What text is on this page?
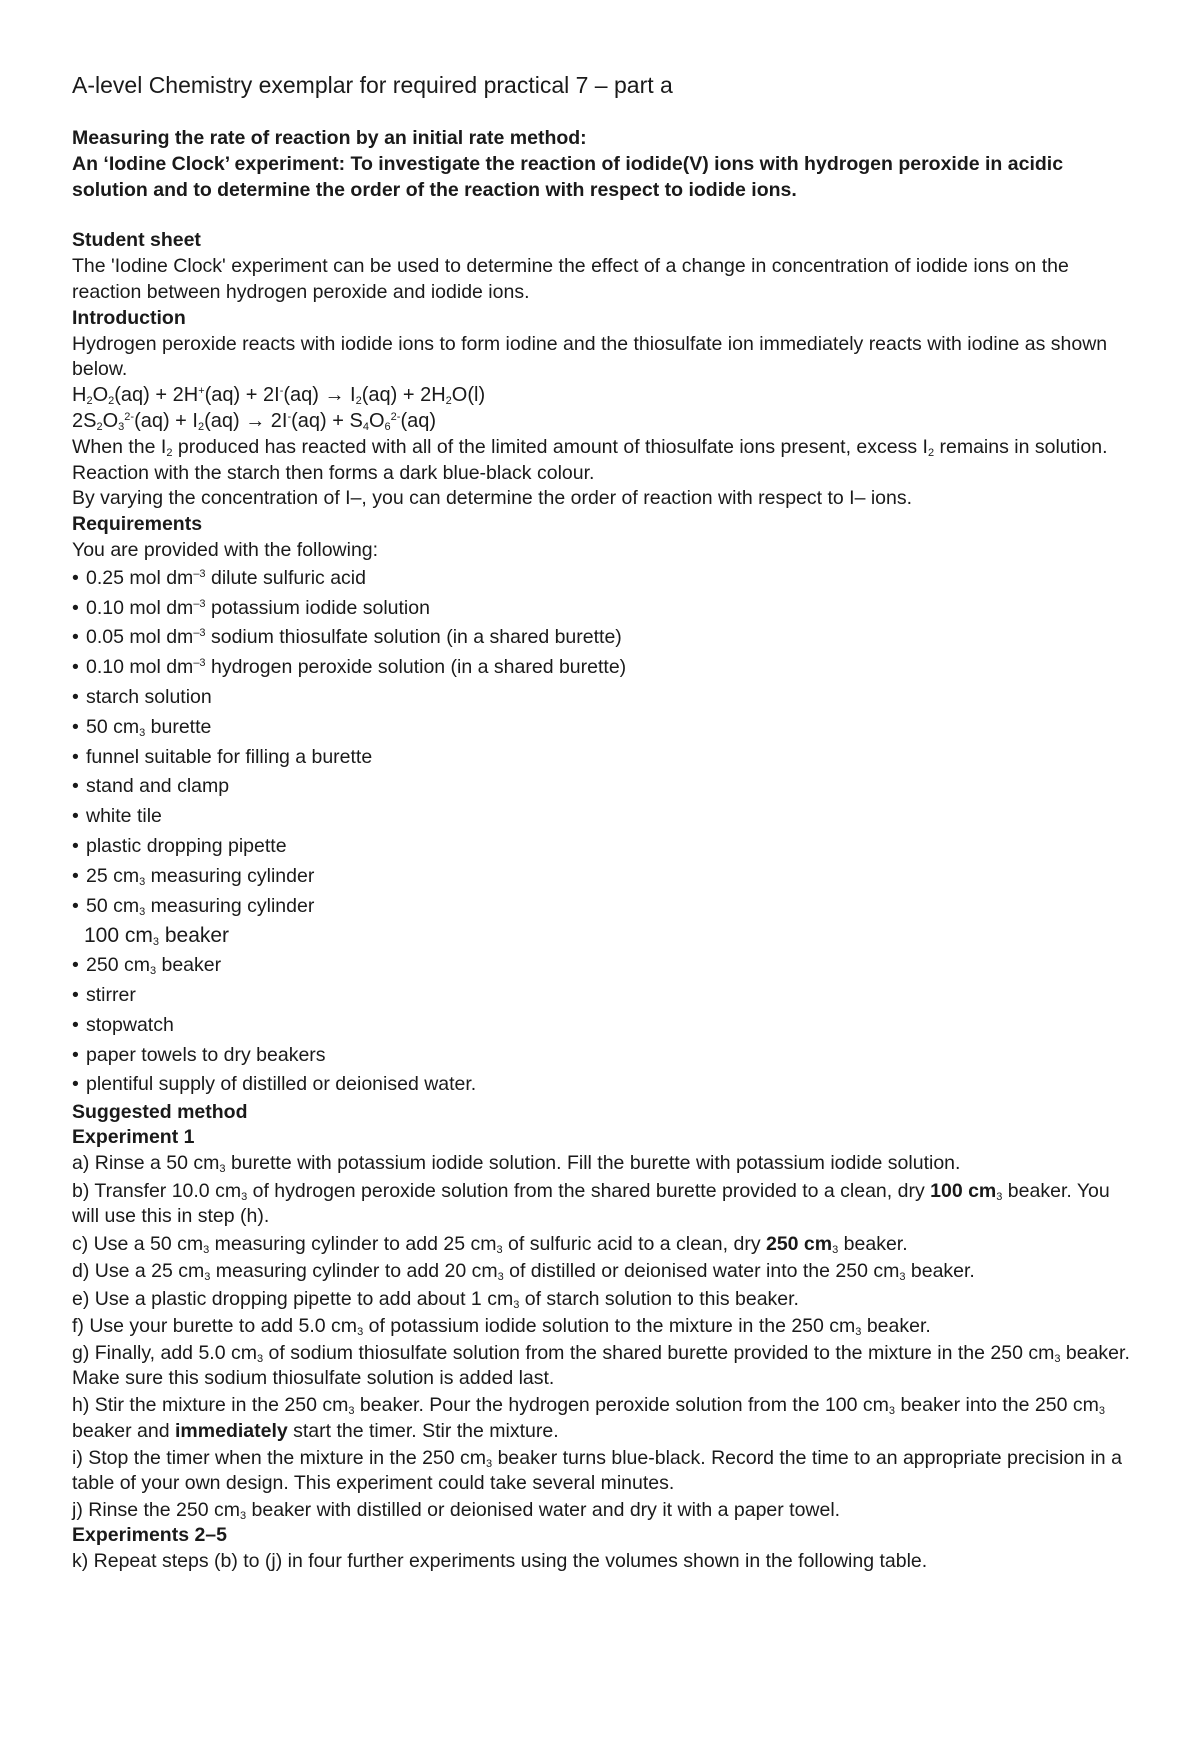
A-level Chemistry exemplar for required practical 7 – part a

Measuring the rate of reaction by an initial rate method:

An ‘Iodine Clock’ experiment: To investigate the reaction of iodide(V) ions with hydrogen peroxide in acidic solution and to determine the order of the reaction with respect to iodide ions.

Student sheet

The 'Iodine Clock' experiment can be used to determine the effect of a change in concentration of iodide ions on the reaction between hydrogen peroxide and iodide ions.

Introduction

Hydrogen peroxide reacts with iodide ions to form iodine and the thiosulfate ion immediately reacts with iodine as shown below.

$H_2O_2(aq) + 2H^+(aq) + 2I^-(aq) \to I_2(aq) + 2H_2O(l)$

$2S_2O_3^{2-}(aq) + I_2(aq) \to 2I^-(aq) + S_4O_6^{2-}(aq)$

When the $I_2$ produced has reacted with all of the limited amount of thiosulfate ions present, excess $I_2$ remains in solution. Reaction with the starch then forms a dark blue-black colour.

By varying the concentration of I–, you can determine the order of reaction with respect to I– ions.

Requirements

You are provided with the following:

• 0.25 mol $dm^{-3}$ dilute sulfuric acid
• 0.10 mol $dm^{-3}$ potassium iodide solution
• 0.05 mol $dm^{-3}$ sodium thiosulfate solution (in a shared burette)
• 0.10 mol $dm^{-3}$ hydrogen peroxide solution (in a shared burette)
• starch solution
• 50 $cm_3$ burette
• funnel suitable for filling a burette
• stand and clamp
• white tile
• plastic dropping pipette
• 25 $cm_3$ measuring cylinder
• 50 $cm_3$ measuring cylinder
100 $cm_3$ beaker
• 250 $cm_3$ beaker
• stirrer
• stopwatch
• paper towels to dry beakers
• plentiful supply of distilled or deionised water.

Suggested method

Experiment 1

a) Rinse a 50 $cm_3$ burette with potassium iodide solution. Fill the burette with potassium iodide solution.

b) Transfer 10.0 $cm_3$ of hydrogen peroxide solution from the shared burette provided to a clean, dry 100 $cm_3$ beaker. You will use this in step (h).

c) Use a 50 $cm_3$ measuring cylinder to add 25 $cm_3$ of sulfuric acid to a clean, dry 250 $cm_3$ beaker.

d) Use a 25 $cm_3$ measuring cylinder to add 20 $cm_3$ of distilled or deionised water into the 250 $cm_3$ beaker.

e) Use a plastic dropping pipette to add about 1 $cm_3$ of starch solution to this beaker.

f) Use your burette to add 5.0 $cm_3$ of potassium iodide solution to the mixture in the 250 $cm_3$ beaker.

g) Finally, add 5.0 $cm_3$ of sodium thiosulfate solution from the shared burette provided to the mixture in the 250 $cm_3$ beaker. Make sure this sodium thiosulfate solution is added last.

h) Stir the mixture in the 250 $cm_3$ beaker. Pour the hydrogen peroxide solution from the 100 $cm_3$ beaker into the 250 $cm_3$ beaker and immediately start the timer. Stir the mixture.

i) Stop the timer when the mixture in the 250 $cm_3$ beaker turns blue-black. Record the time to an appropriate precision in a table of your own design. This experiment could take several minutes.

j) Rinse the 250 $cm_3$ beaker with distilled or deionised water and dry it with a paper towel.

Experiments 2–5

k) Repeat steps (b) to (j) in four further experiments using the volumes shown in the following table.
